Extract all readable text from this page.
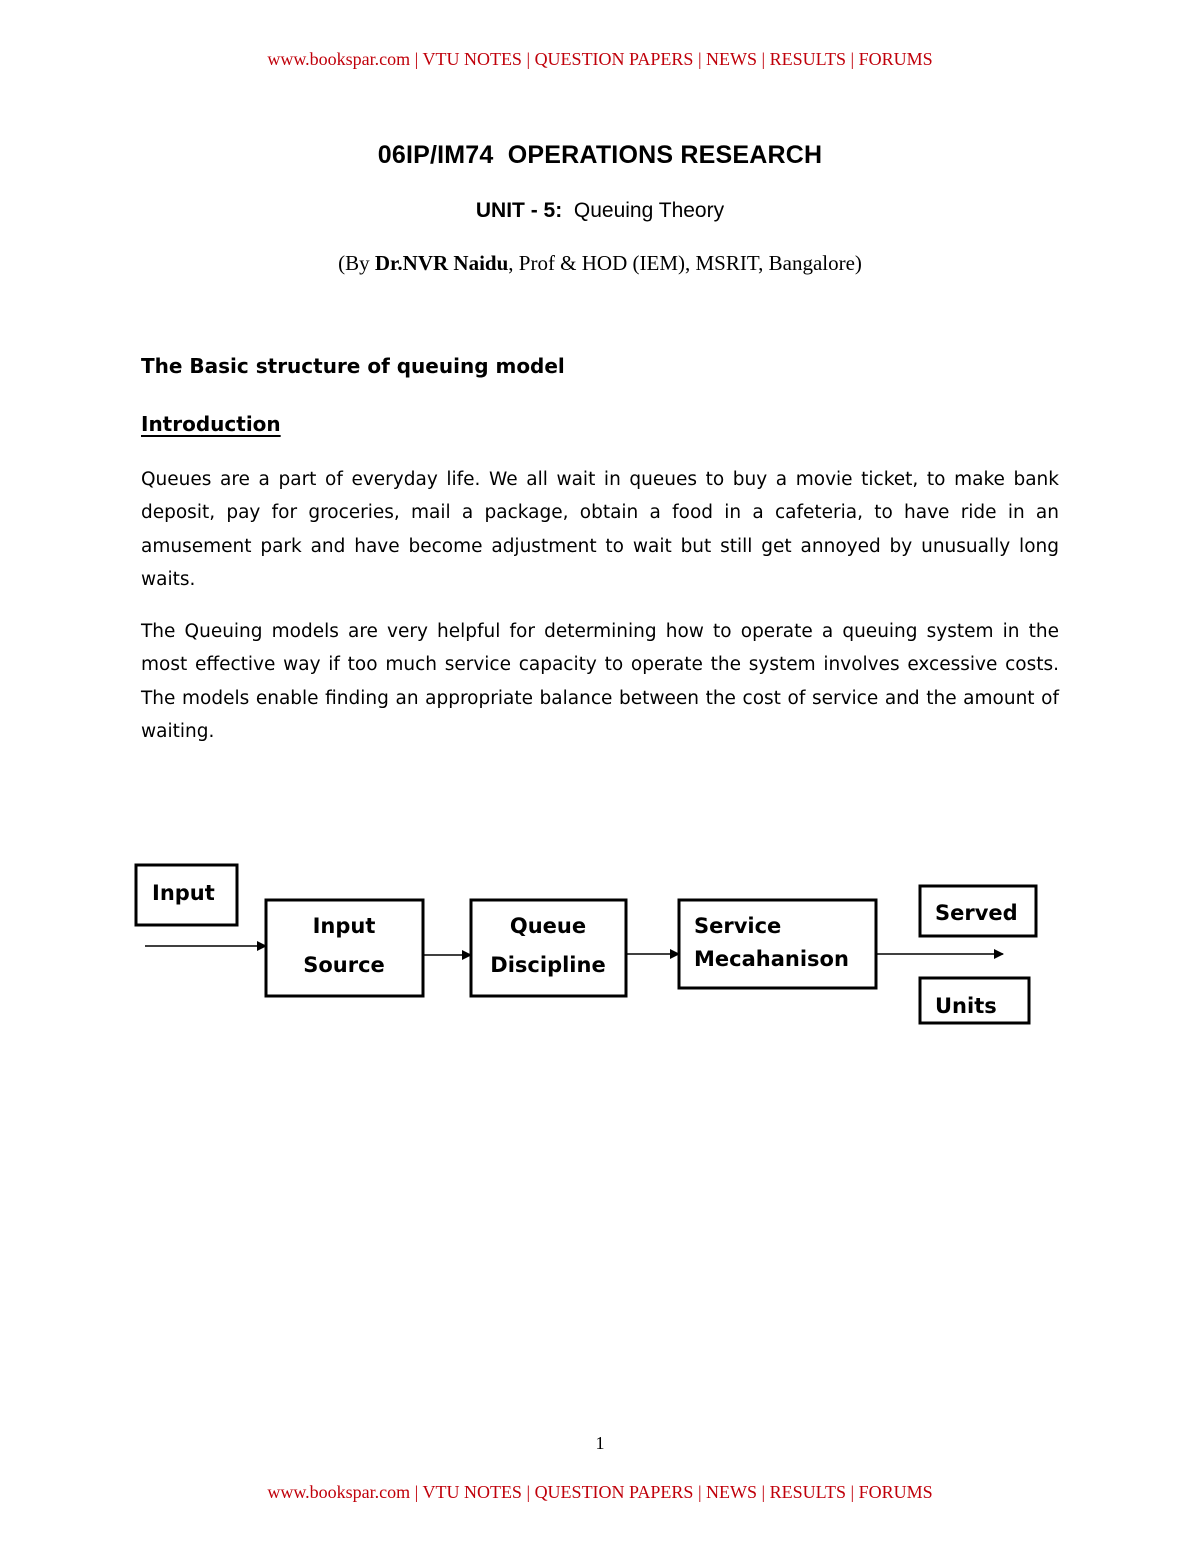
www.bookspar.com | VTU NOTES | QUESTION PAPERS | NEWS | RESULTS | FORUMS
06IP/IM74  OPERATIONS RESEARCH
UNIT - 5: Queuing Theory
(By Dr.NVR Naidu, Prof & HOD (IEM), MSRIT, Bangalore)
The Basic structure of queuing model
Introduction

Queues are a part of everyday life. We all wait in queues to buy a movie ticket, to make bank deposit, pay for groceries, mail a package, obtain a food in a cafeteria, to have ride in an amusement park and have become adjustment to wait but still get annoyed by unusually long waits.

The Queuing models are very helpful for determining how to operate a queuing system in the most effective way if too much service capacity to operate the system involves excessive costs. The models enable finding an appropriate balance between the cost of service and the amount of waiting.

Input
Input
Source
Queue
Discipline
Service
Mecahanison
Served
Units
1
www.bookspar.com | VTU NOTES | QUESTION PAPERS | NEWS | RESULTS | FORUMS
